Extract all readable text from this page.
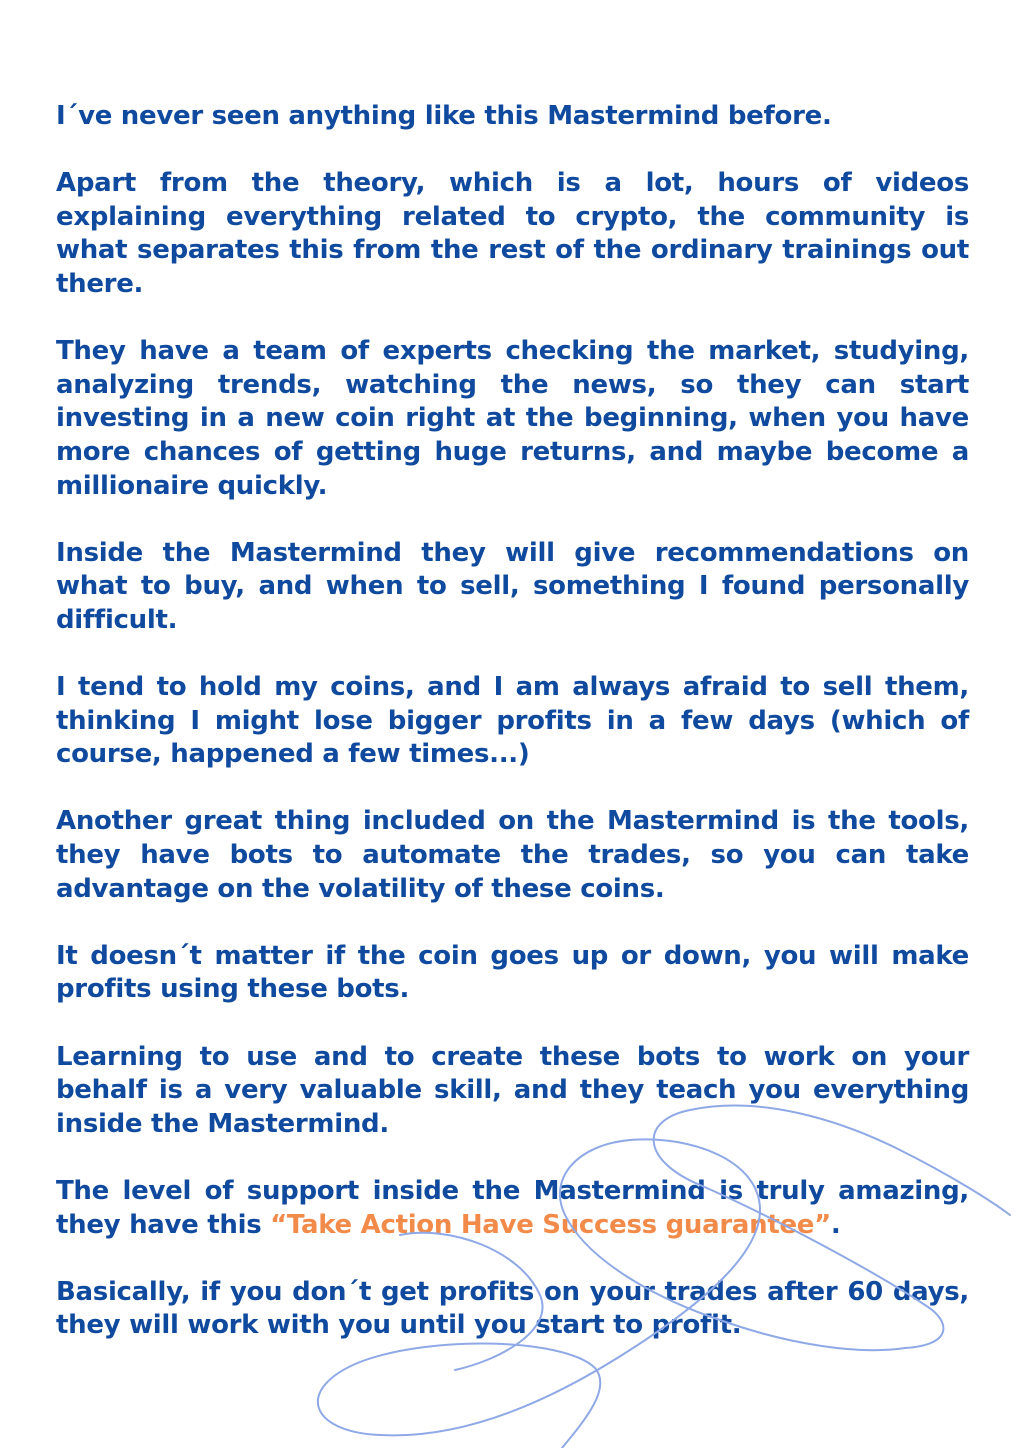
I´ve never seen anything like this Mastermind before.

Apart from the theory, which is a lot, hours of videos explaining everything related to crypto, the community is what separates this from the rest of the ordinary trainings out there.

They have a team of experts checking the market, studying, analyzing trends, watching the news, so they can start investing in a new coin right at the beginning, when you have more chances of getting huge returns, and maybe become a millionaire quickly.

Inside the Mastermind they will give recommendations on what to buy, and when to sell, something I found personally difficult.

I tend to hold my coins, and I am always afraid to sell them, thinking I might lose bigger profits in a few days (which of course, happened a few times...)

Another great thing included on the Mastermind is the tools, they have bots to automate the trades, so you can take advantage on the volatility of these coins.

It doesn´t matter if the coin goes up or down, you will make profits using these bots.

Learning to use and to create these bots to work on your behalf is a very valuable skill, and they teach you everything inside the Mastermind.

The level of support inside the Mastermind is truly amazing, they have this “Take Action Have Success guarantee”.

Basically, if you don´t get profits on your trades after 60 days, they will work with you until you start to profit.
